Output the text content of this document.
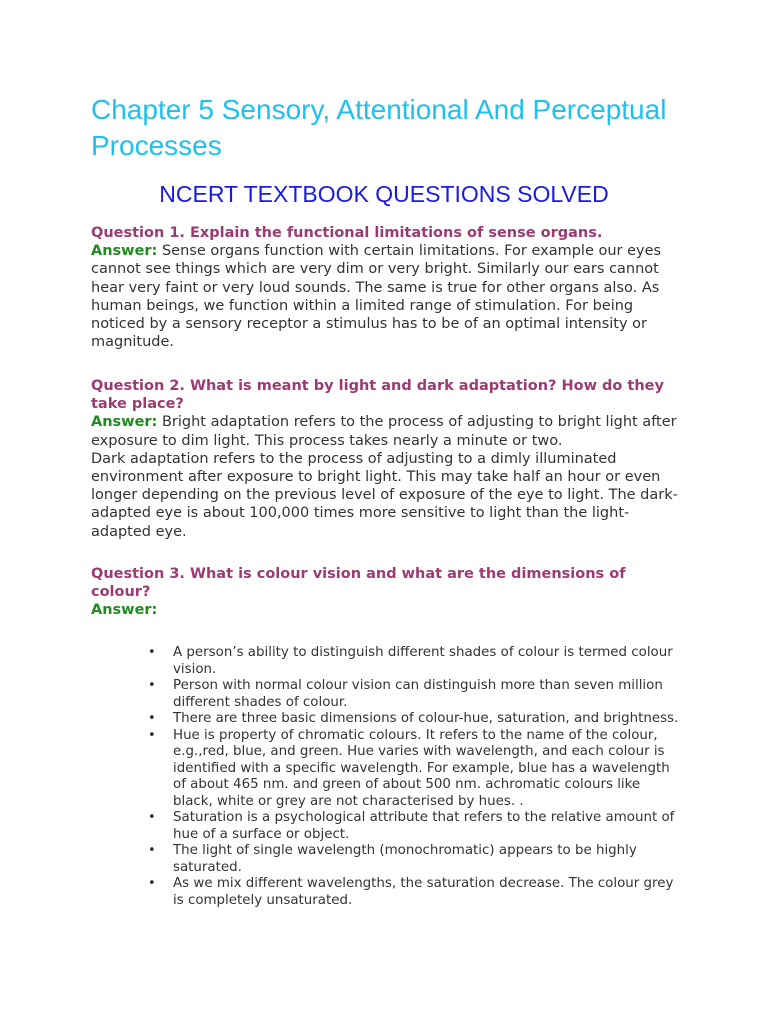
Chapter 5 Sensory, Attentional And Perceptual Processes
NCERT TEXTBOOK QUESTIONS SOLVED

Question 1. Explain the functional limitations of sense organs.

Answer: Sense organs function with certain limitations. For example our eyes cannot see things which are very dim or very bright. Similarly our ears cannot hear very faint or very loud sounds. The same is true for other organs also. As human beings, we function within a limited range of stimulation. For being noticed by a sensory receptor a stimulus has to be of an optimal intensity or magnitude.

Question 2. What is meant by light and dark adaptation? How do they take place?

Answer: Bright adaptation refers to the process of adjusting to bright light after exposure to dim light. This process takes nearly a minute or two.
Dark adaptation refers to the process of adjusting to a dimly illuminated environment after exposure to bright light. This may take half an hour or even longer depending on the previous level of exposure of the eye to light. The dark-adapted eye is about 100,000 times more sensitive to light than the light-adapted eye.

Question 3. What is colour vision and what are the dimensions of colour?

Answer:

• A person’s ability to distinguish different shades of colour is termed colour vision.
• Person with normal colour vision can distinguish more than seven million different shades of colour.
• There are three basic dimensions of colour-hue, saturation, and brightness.
• Hue is property of chromatic colours. It refers to the name of the colour, e.g.,red, blue, and green. Hue varies with wavelength, and each colour is identified with a specific wavelength. For example, blue has a wavelength of about 465 nm. and green of about 500 nm. achromatic colours like black, white or grey are not characterised by hues. .
• Saturation is a psychological attribute that refers to the relative amount of hue of a surface or object.
• The light of single wavelength (monochromatic) appears to be highly saturated.
• As we mix different wavelengths, the saturation decrease. The colour grey is completely unsaturated.
